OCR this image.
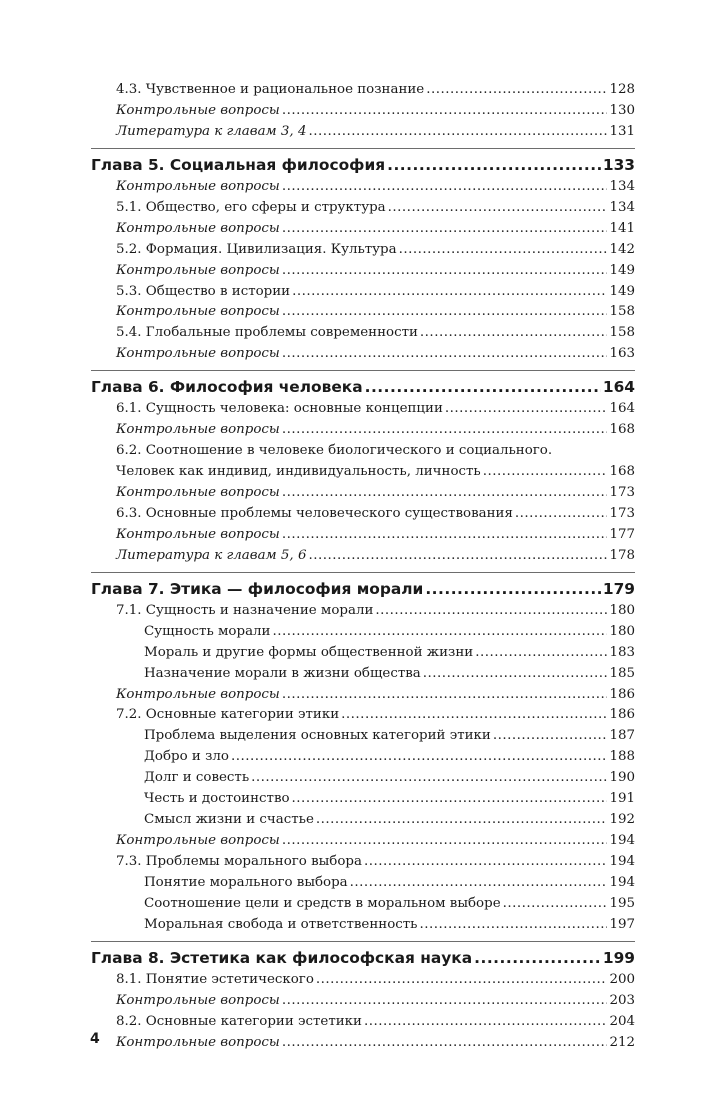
4.3. Чувственное и рациональное познание .....	128
Контрольные вопросы .....	130
Литература к главам 3, 4 .....	131
Глава 5. Социальная философия .....	133
Контрольные вопросы .....	134
5.1. Общество, его сферы и структура .....	134
Контрольные вопросы .....	141
5.2. Формация. Цивилизация. Культура .....	142
Контрольные вопросы .....	149
5.3. Общество в истории .....	149
Контрольные вопросы .....	158
5.4. Глобальные проблемы современности .....	158
Контрольные вопросы .....	163
Глава 6. Философия человека .....	164
6.1. Сущность человека: основные концепции .....	164
Контрольные вопросы .....	168
6.2. Соотношение в человеке биологического и социального.
Человек как индивид, индивидуальность, личность .....	168
Контрольные вопросы .....	173
6.3. Основные проблемы человеческого существования .....	173
Контрольные вопросы .....	177
Литература к главам 5, 6 .....	178
Глава 7. Этика — философия морали .....	179
7.1. Сущность и назначение морали .....	180
Сущность морали .....	180
Мораль и другие формы общественной жизни .....	183
Назначение морали в жизни общества .....	185
Контрольные вопросы .....	186
7.2. Основные категории этики .....	186
Проблема выделения основных категорий этики .....	187
Добро и зло .....	188
Долг и совесть .....	190
Честь и достоинство .....	191
Смысл жизни и счастье .....	192
Контрольные вопросы .....	194
7.3. Проблемы морального выбора .....	194
Понятие морального выбора .....	194
Соотношение цели и средств в моральном выборе .....	195
Моральная свобода и ответственность .....	197
Глава 8. Эстетика как философская наука .....	199
8.1. Понятие эстетического .....	200
Контрольные вопросы .....	203
8.2. Основные категории эстетики .....	204
Контрольные вопросы .....	212
4
